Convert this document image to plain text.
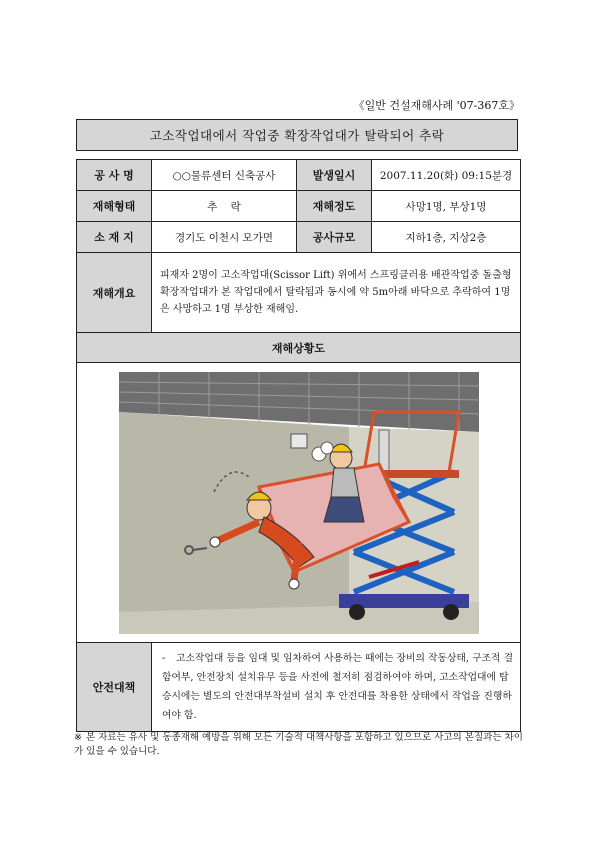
《일반 건설재해사례 '07-367호》
고소작업대에서 작업중 확장작업대가 탈락되어 추락
공 사 명	○○물류센터 신축공사	발생일시	2007.11.20(화) 09:15분경
재해형태	추    락	재해정도	사망1명, 부상1명
소 재 지	경기도 이천시 모가면	공사규모	지하1층, 지상2층
재해개요	피재자 2명이 고소작업대(Scissor Lift) 위에서 스프링클러용 배관작업중 돌출형 확장작업대가 본 작업대에서 탈락됨과 동시에 약 5m아래 바닥으로 추락하여 1명은 사망하고 1명 부상한 재해임.		
재해상황도			

안전대책	- 고소작업대 등을 임대 및 임차하여 사용하는 때에는 장비의 작동상태, 구조적 결함여부, 안전장치 설치유무 등을 사전에 철저히 점검하여야 하며, 고소작업대에 탑승시에는 별도의 안전대부착설비 설치 후 안전대를 착용한 상태에서 작업을 진행하여야 함.		
※ 본 자료는 유사 및 동종재해 예방을 위해 모든 기술적 대책사항을 포함하고 있으므로 사고의 본질과는 차이가 있을 수 있습니다.
